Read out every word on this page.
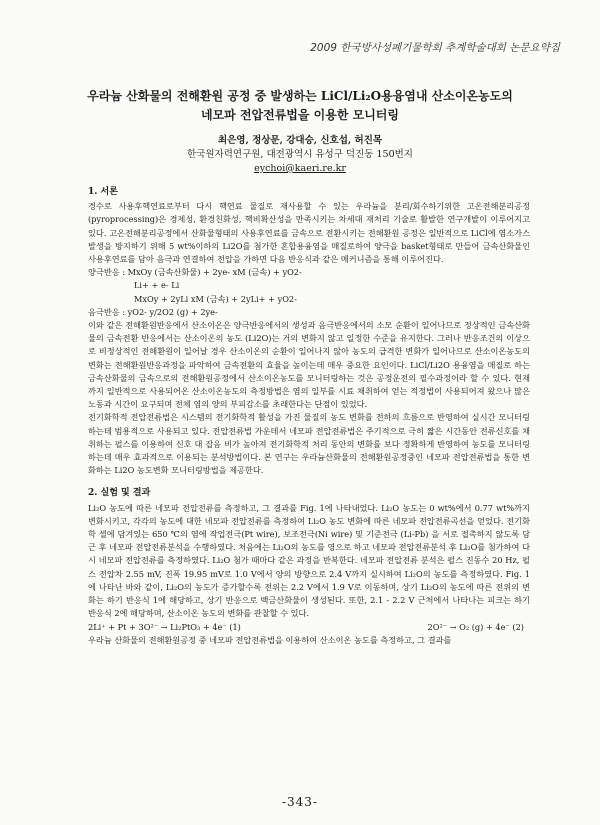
2009 한국방사성폐기물학회 추계학술대회 논문요약집
우라늄 산화물의 전해환원 공정 중 발생하는 LiCl/Li₂O용융염내 산소이온농도의
네모파 전압전류법을 이용한 모니터링
최은영, 정상문, 강대승, 신호섭, 허진목
한국원자력연구원, 대전광역시 유성구 덕진동 150번지
eychoi@kaeri.re.kr
1. 서론

경수로 사용후핵연료로부터 다시 핵연료 물질로 재사용할 수 있는 우라늄을 분리/회수하기위한 고온전해분리공정(pyroprocessing)은 경제성, 환경친화성, 핵비확산성을 만족시키는 차세대 재처리 기술로 활발한 연구개발이 이루어지고 있다. 고온전해분리공정에서 산화물형태의 사용후연료를 금속으로 전환시키는 전해환원 공정은 일반적으로 LiCl에 염소가스 발생을 방지하기 위해 5 wt%이하의 Li2O를 첨가한 혼합용융염을 매질로하여 양극을 basket형태로 만들어 금속산화물인 사용후연료를 담아 음극과 연결하여 전압을 가하면 다음 반응식과 같은 메커니즘을 통해 이루어진다.

양극반응 : MxOy (금속산화물) + 2ye- xM (금속) + yO2-

Li+ + e- Li

MxOy + 2yLi xM (금속) + 2yLi+ + yO2-

음극반응 : yO2- y/2O2 (g) + 2ye-

이와 같은 전해환원반응에서 산소이온은 양극반응에서의 생성과 음극반응에서의 소모 순환이 일어나므로 정상적인 금속산화물의 금속전환 반응에서는 산소이온의 농도 (Li2O)는 거의 변화지 않고 일정한 수준을 유지한다. 그러나 반응조건의 이상으로 비정상적인 전해환원이 일어날 경우 산소이온의 순환이 일어나지 않아 농도의 급격한 변화가 일어나므로 산소이온농도의 변화는 전해환원반응과정을 파악하여 금속전환의 효율을 높이는데 매우 중요한 요인이다. LiCl/Li2O 용융염을 매질로 하는 금속산화물의 금속으로의 전해환원공정에서 산소이온농도를 모니터링하는 것은 공정운전의 필수과정이라 할 수 있다. 현재까지 일반적으로 사용되어온 산소이온농도의 측정방법은 염의 일부를 시료 채취하여 얻는 적정법이 사용되어져 왔으나 많은 노동과 시간이 요구되며 전체 염의 양의 부피감소를 초래한다는 단점이 있었다.

전기화학적 전압전류법은 시스템의 전기화학적 활성을 가진 물질의 농도 변화를 전하의 흐름으로 반영하여 실시간 모니터링하는데 범용적으로 사용되고 있다. 전압전류법 가운데서 네모파 전압전류법은 주기적으로 극히 짧은 시간동안 전류신호를 채취하는 펄스를 이용하여 신호 대 잡음 비가 높아져 전기화학적 처리 동안의 변화를 보다 정확하게 반영하여 농도를 모니터링하는데 매우 효과적으로 이용되는 분석방법이다. 본 연구는 우라늄산화물의 전해환원공정중인 네모파 전압전류법을 통한 변화하는 Li2O 농도변화 모니터링방법을 제공한다.

2. 실험 및 결과

Li₂O 농도에 따른 네모파 전압전류를 측정하고, 그 결과를 Fig. 1에 나타내었다. Li₂O 농도는 0 wt%에서 0.77 wt%까지 변화시키고, 각각의 농도에 대한 네모파 전압전류를 측정하여 Li₂O 농도 변화에 따른 네모파 전압전류곡선을 얻었다. 전기화학 셀에 담겨있는 650 ℃의 염에 작업전극(Pt wire), 보조전극(Ni wire) 및 기준전극 (Li-Pb) 을 서로 접촉하지 않도록 담근 후 네모파 전압전류분석을 수행하였다. 처음에는 Li₂O의 농도를 영으로 하고 네모파 전압전류분석 후 Li₂O를 첨가하여 다시 네모파 전압전류를 측정하였다. Li₂O 첨가 때마다 같은 과정을 반복한다. 네모파 전압전류 분석은 펄스 진동수 20 Hz, 펄스 전압차 2.55 mV, 진폭 19.95 mV로 1.0 V에서 양의 방향으로 2.4 V까지 실시하여 Li₂O의 농도를 측정하였다. Fig. 1에 나타난 바와 같이, Li₂O의 농도가 증가할수록 전위는 2.2 V에서 1.9 V로 이동하며, 상기 Li₂O의 농도에 따른 전위의 변화는 하기 반응식 1에 해당하고, 상기 반응으로 백금산화물이 생성된다. 또한, 2.1 - 2.2 V 근처에서 나타나는 피크는 하기 반응식 2에 해당하며, 산소이온 농도의 변화를 관찰할 수 있다.

2Li⁺ + Pt + 3O²⁻ → Li₂PtO₃ + 4e⁻ (1)	2O²⁻ → O₂ (g) + 4e⁻ (2)

우라늄 산화물의 전해환원공정 중 네모파 전압전류법을 이용하여 산소이온 농도를 측정하고, 그 결과를

-343-
